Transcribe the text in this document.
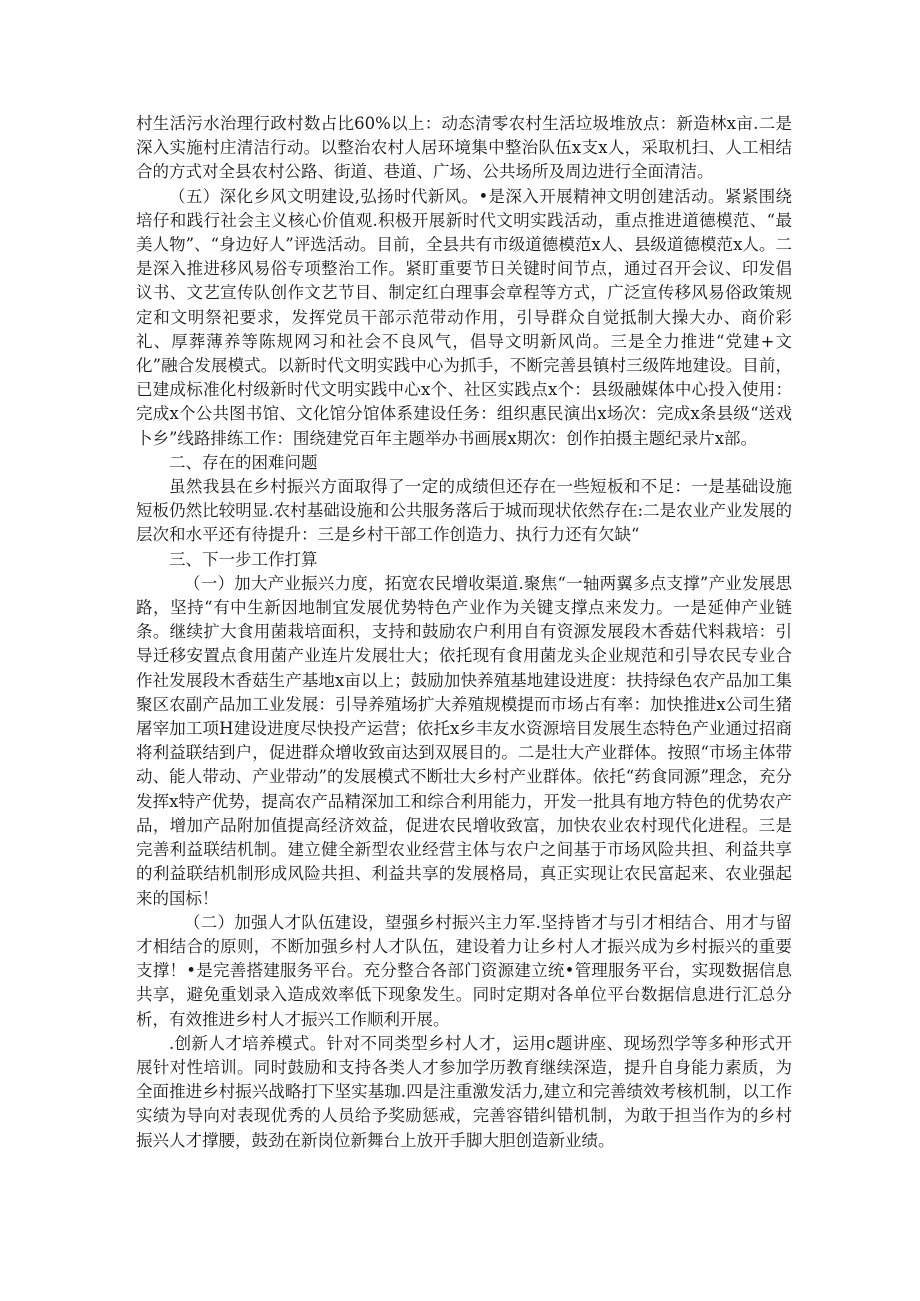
村生活污水治理行政村数占比60%以上：动态清零农村生活垃圾堆放点：新造林x亩.二是深入实施村庄清洁行动。以整治农村人居环境集中整治队伍x支x人，采取机扫、人工相结合的方式对全县农村公路、街道、巷道、广场、公共场所及周边进行全面清洁。

（五）深化乡风文明建设,弘扬时代新风。•是深入开展精神文明创建活动。紧紧围绕培仔和践行社会主义核心价值观.积极开展新时代文明实践活动，重点推进道德模范、“最美人物”、“身边好人”评选活动。目前，全县共有市级道德模范x人、县级道德模范x人。二是深入推进移风易俗专项整治工作。紧盯重要节日关键时间节点，通过召开会议、印发倡议书、文艺宣传队创作文艺节目、制定红白理事会章程等方式，广泛宣传移风易俗政策规定和文明祭祀要求，发挥党员干部示范带动作用，引导群众自觉抵制大操大办、商价彩礼、厚葬薄养等陈规网习和社会不良风气，倡导文明新风尚。三是全力推进“党建+文化”融合发展模式。以新时代文明实践中心为抓手，不断完善县镇村三级阵地建设。目前，已建成标准化村级新时代文明实践中心x个、社区实践点x个：县级融媒体中心投入使用：完成x个公共图书馆、文化馆分馆体系建设任务：组织惠民演出x场次：完成x条县级“送戏卜乡”线路排练工作：围绕建党百年主题举办书画展x期次：创作拍摄主题纪录片x部。

二、存在的困难问题

虽然我县在乡村振兴方面取得了一定的成绩但还存在一些短板和不足：一是基础设施短板仍然比较明显.农村基础设施和公共服务落后于城而现状依然存在:二是农业产业发展的层次和水平还有待提升：三是乡村干部工作创造力、执行力还有欠缺“

三、下一步工作打算

（一）加大产业振兴力度，拓宽农民增收渠道.聚焦“一轴两翼多点支撑”产业发展思路，坚持“有中生新因地制宜发展优势特色产业作为关键支撑点来发力。一是延伸产业链条。继续扩大食用菌栽培面积，支持和鼓励农户利用自有资源发展段木香菇代料栽培：引导迁移安置点食用菌产业连片发展壮大；依托现有食用菌龙头企业规范和引导农民专业合作社发展段木香菇生产基地x亩以上；鼓励加快养殖基地建设进度：扶持绿色农产品加工集聚区农副产品加工业发展：引导养殖场扩大养殖规模提而市场占有率：加快推进x公司生猪屠宰加工项H建设进度尽快投产运营；依托x乡丰友水资源培目发展生态特色产业通过招商将利益联结到户，促进群众增收致亩达到双展目的。二是壮大产业群体。按照“市场主体带动、能人带动、产业带动”的发展模式不断壮大乡村产业群体。依托“药食同源”理念，充分发挥x特产优势，提高农产品精深加工和综合利用能力，开发一批具有地方特色的优势农产品，增加产品附加值提高经济效益，促进农民增收致富，加快农业农村现代化进程。三是完善利益联结机制。建立健全新型农业经营主体与农户之间基于市场风险共担、利益共享的利益联结机制形成风险共担、利益共享的发展格局，真正实现让农民富起来、农业强起来的国标！

（二）加强人才队伍建设，望强乡村振兴主力军.坚持皆才与引才相结合、用才与留才相结合的原则，不断加强乡村人才队伍，建设着力让乡村人才振兴成为乡村振兴的重要支撑！•是完善搭建服务平台。充分整合各部门资源建立统•管理服务平台，实现数据信息共享，避免重划录入造成效率低下现象发生。同时定期对各单位平台数据信息进行汇总分析，有效推进乡村人才振兴工作顺利开展。

.创新人才培养模式。针对不同类型乡村人才，运用c题讲座、现场烈学等多种形式开展针对性培训。同时鼓励和支持各类人才参加学历教育继续深造，提升自身能力素质，为全面推进乡村振兴战略打下坚实基珈.四是注重激发活力,建立和完善绩效考核机制，以工作实绩为导向对表现优秀的人员给予奖励惩戒，完善容错纠错机制，为敢于担当作为的乡村振兴人才撑腰，鼓劲在新岗位新舞台上放开手脚大胆创造新业绩。
